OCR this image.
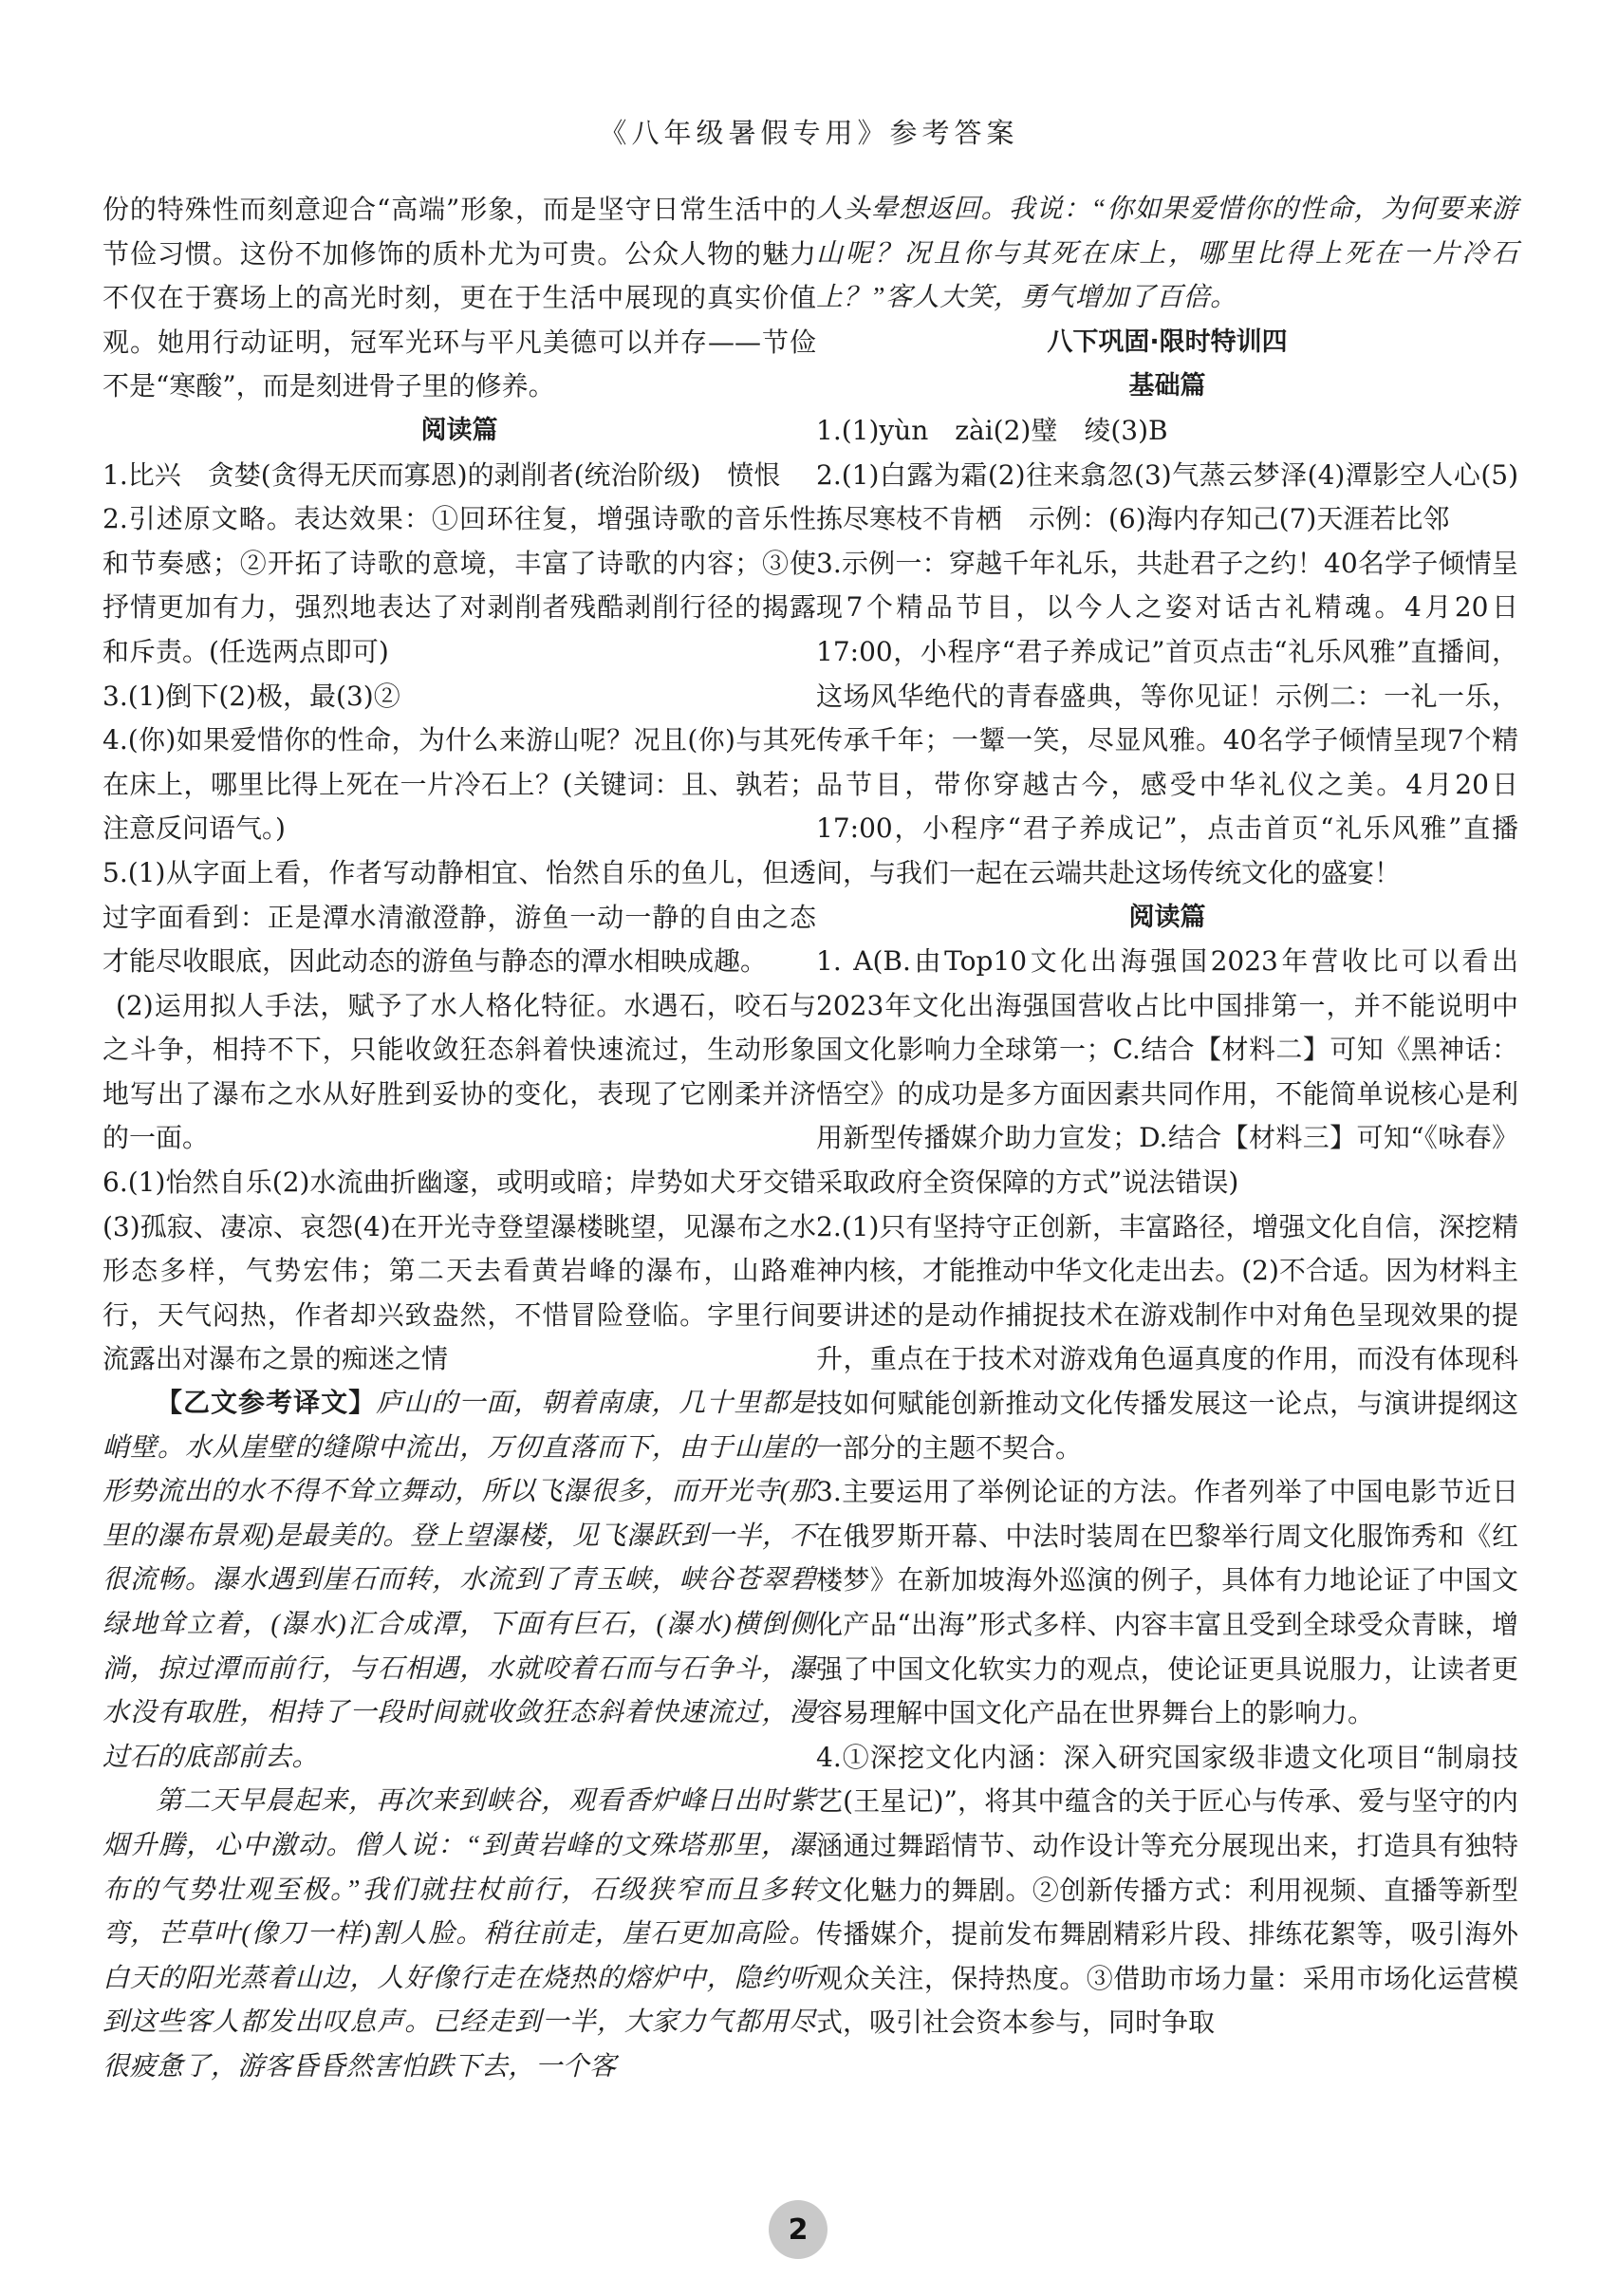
《八年级暑假专用》参考答案

份的特殊性而刻意迎合“高端”形象，而是坚守日常生活中的节俭习惯。这份不加修饰的质朴尤为可贵。公众人物的魅力不仅在于赛场上的高光时刻，更在于生活中展现的真实价值观。她用行动证明，冠军光环与平凡美德可以并存——节俭不是“寒酸”，而是刻进骨子里的修养。

阅读篇

1.比兴　贪婪(贪得无厌而寡恩)的剥削者(统治阶级)　愤恨

2.引述原文略。表达效果：①回环往复，增强诗歌的音乐性和节奏感；②开拓了诗歌的意境，丰富了诗歌的内容；③使抒情更加有力，强烈地表达了对剥削者残酷剥削行径的揭露和斥责。(任选两点即可)

3.(1)倒下(2)极，最(3)②

4.(你)如果爱惜你的性命，为什么来游山呢？况且(你)与其死在床上，哪里比得上死在一片冷石上？(关键词：且、孰若；注意反问语气。)

5.(1)从字面上看，作者写动静相宜、怡然自乐的鱼儿，但透过字面看到：正是潭水清澈澄静，游鱼一动一静的自由之态才能尽收眼底，因此动态的游鱼与静态的潭水相映成趣。

(2)运用拟人手法，赋予了水人格化特征。水遇石，咬石与之斗争，相持不下，只能收敛狂态斜着快速流过，生动形象地写出了瀑布之水从好胜到妥协的变化，表现了它刚柔并济的一面。

6.(1)怡然自乐(2)水流曲折幽邃，或明或暗；岸势如犬牙交错(3)孤寂、凄凉、哀怨(4)在开光寺登望瀑楼眺望，见瀑布之水形态多样，气势宏伟；第二天去看黄岩峰的瀑布，山路难行，天气闷热，作者却兴致盎然，不惜冒险登临。字里行间流露出对瀑布之景的痴迷之情

【乙文参考译文】庐山的一面，朝着南康，几十里都是峭壁。水从崖壁的缝隙中流出，万仞直落而下，由于山崖的形势流出的水不得不耸立舞动，所以飞瀑很多，而开光寺(那里的瀑布景观)是最美的。登上望瀑楼，见飞瀑跃到一半，不很流畅。瀑水遇到崖石而转，水流到了青玉峡，峡谷苍翠碧绿地耸立着，(瀑水)汇合成潭，下面有巨石，(瀑水)横倒侧淌，掠过潭而前行，与石相遇，水就咬着石而与石争斗，瀑水没有取胜，相持了一段时间就收敛狂态斜着快速流过，漫过石的底部前去。

第二天早晨起来，再次来到峡谷，观看香炉峰日出时紫烟升腾，心中激动。僧人说：“到黄岩峰的文殊塔那里，瀑布的气势壮观至极。”我们就拄杖前行，石级狭窄而且多转弯，芒草叶(像刀一样)割人脸。稍往前走，崖石更加高险。白天的阳光蒸着山边，人好像行走在烧热的熔炉中，隐约听到这些客人都发出叹息声。已经走到一半，大家力气都用尽很疲惫了，游客昏昏然害怕跌下去，一个客

人头晕想返回。我说：“你如果爱惜你的性命，为何要来游山呢？况且你与其死在床上，哪里比得上死在一片冷石上？”客人大笑，勇气增加了百倍。

八下巩固·限时特训四

基础篇

1.(1)yùn　zài(2)璧　绫(3)B

2.(1)白露为霜(2)往来翕忽(3)气蒸云梦泽(4)潭影空人心(5)拣尽寒枝不肯栖　示例：(6)海内存知己(7)天涯若比邻

3.示例一：穿越千年礼乐，共赴君子之约！40名学子倾情呈现7个精品节目，以今人之姿对话古礼精魂。4月20日17:00，小程序“君子养成记”首页点击“礼乐风雅”直播间，这场风华绝代的青春盛典，等你见证！示例二：一礼一乐，传承千年；一颦一笑，尽显风雅。40名学子倾情呈现7个精品节目，带你穿越古今，感受中华礼仪之美。4月20日17:00，小程序“君子养成记”，点击首页“礼乐风雅”直播间，与我们一起在云端共赴这场传统文化的盛宴！

阅读篇

1. A(B.由Top10文化出海强国2023年营收比可以看出2023年文化出海强国营收占比中国排第一，并不能说明中国文化影响力全球第一；C.结合【材料二】可知《黑神话：悟空》的成功是多方面因素共同作用，不能简单说核心是利用新型传播媒介助力宣发；D.结合【材料三】可知“《咏春》采取政府全资保障的方式”说法错误)

2.(1)只有坚持守正创新，丰富路径，增强文化自信，深挖精神内核，才能推动中华文化走出去。(2)不合适。因为材料主要讲述的是动作捕捉技术在游戏制作中对角色呈现效果的提升，重点在于技术对游戏角色逼真度的作用，而没有体现科技如何赋能创新推动文化传播发展这一论点，与演讲提纲这一部分的主题不契合。

3.主要运用了举例论证的方法。作者列举了中国电影节近日在俄罗斯开幕、中法时装周在巴黎举行周文化服饰秀和《红楼梦》在新加坡海外巡演的例子，具体有力地论证了中国文化产品“出海”形式多样、内容丰富且受到全球受众青睐，增强了中国文化软实力的观点，使论证更具说服力，让读者更容易理解中国文化产品在世界舞台上的影响力。

4.①深挖文化内涵：深入研究国家级非遗文化项目“制扇技艺(王星记)”，将其中蕴含的关于匠心与传承、爱与坚守的内涵通过舞蹈情节、动作设计等充分展现出来，打造具有独特文化魅力的舞剧。②创新传播方式：利用视频、直播等新型传播媒介，提前发布舞剧精彩片段、排练花絮等，吸引海外观众关注，保持热度。③借助市场力量：采用市场化运营模式，吸引社会资本参与，同时争取

2
